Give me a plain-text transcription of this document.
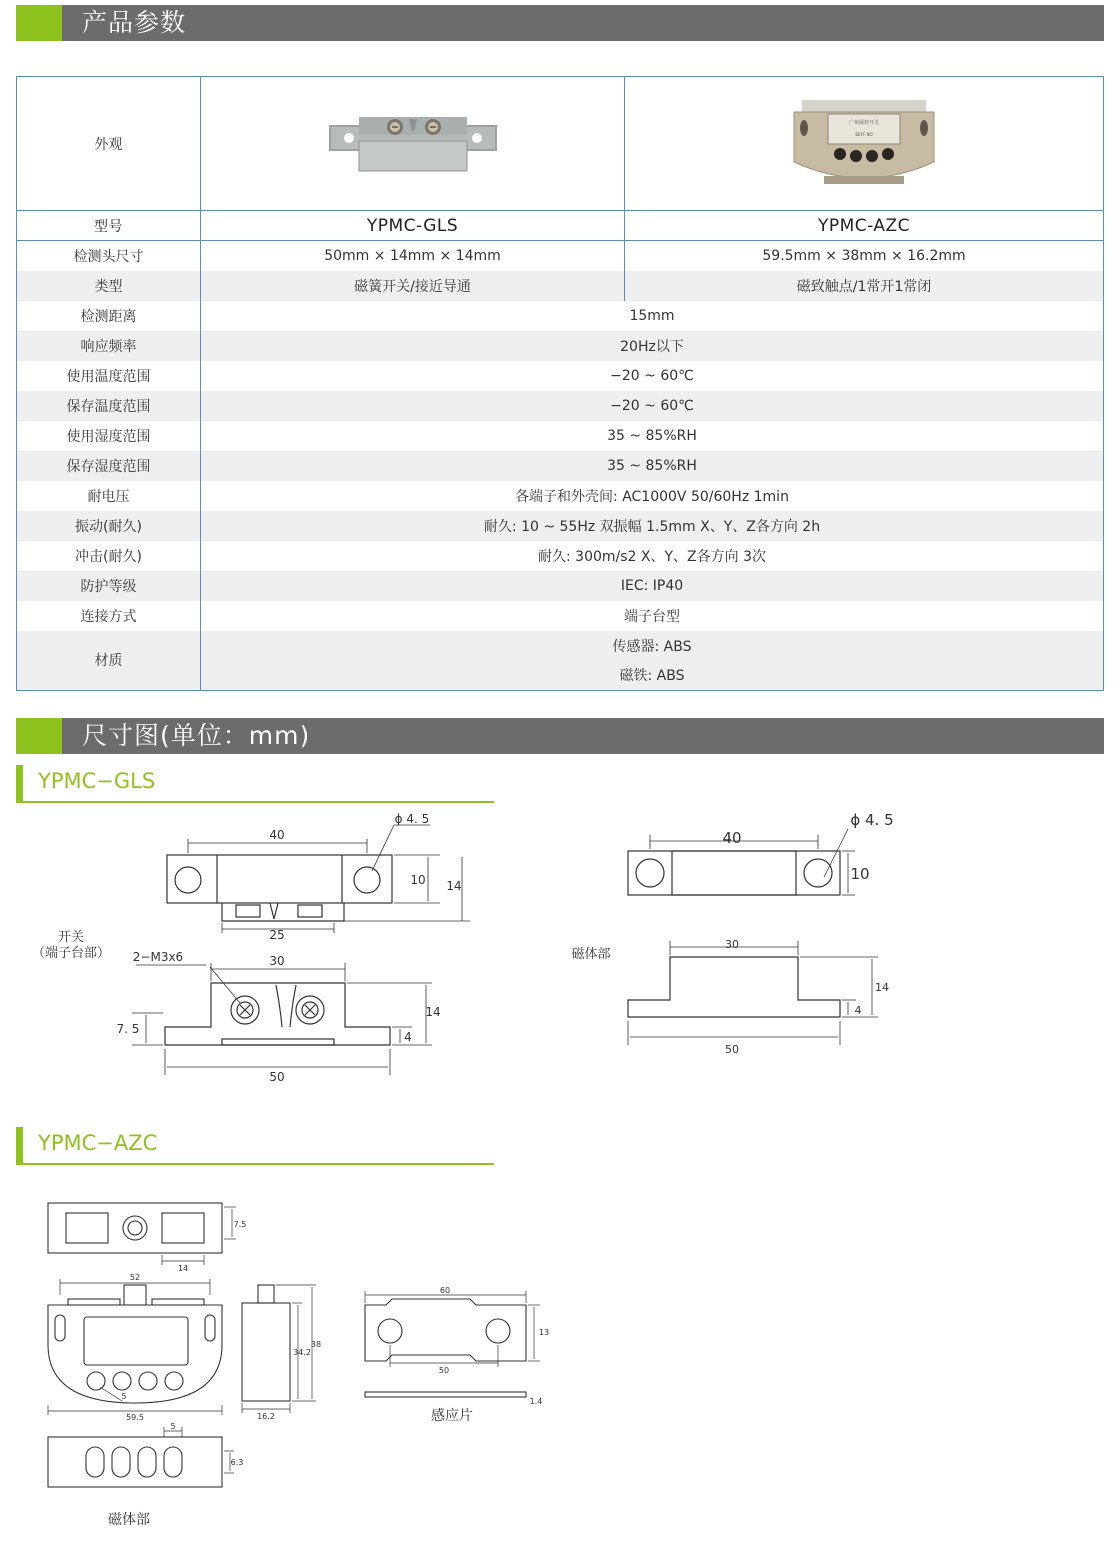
产品参数
外观		广州威控开关
BEFF NO

型号	YPMC-GLS	YPMC-AZC
检测头尺寸	50mm × 14mm × 14mm	59.5mm × 38mm × 16.2mm
类型	磁簧开关/接近导通	磁致触点/1常开1常闭
检测距离	15mm	
响应频率	20Hz以下	
使用温度范围	−20 ~ 60℃	
保存温度范围	−20 ~ 60℃	
使用湿度范围	35 ~ 85%RH	
保存湿度范围	35 ~ 85%RH	
耐电压	各端子和外壳间: AC1000V 50/60Hz 1min	
振动(耐久)	耐久: 10 ~ 55Hz 双振幅 1.5mm X、Y、Z各方向 2h	
冲击(耐久)	耐久: 300m/s2 X、Y、Z各方向 3次	
防护等级	IEC: IP40	
连接方式	端子台型	
材质	传感器: ABS	
	磁铁: ABS	
尺寸图(单位：mm)
YPMC−GLS
开关
（端子台部）	磁体部
40
ϕ 4. 5
10 14
25
2−M3x6	30
14
4
7. 5
50
40
ϕ 4. 5
10
30
14
4
50
YPMC−AZC
7.5
14
52
59.5
5
34.2
38
16.2
60
50
13
1.4
5
6.3
感应片
磁体部
